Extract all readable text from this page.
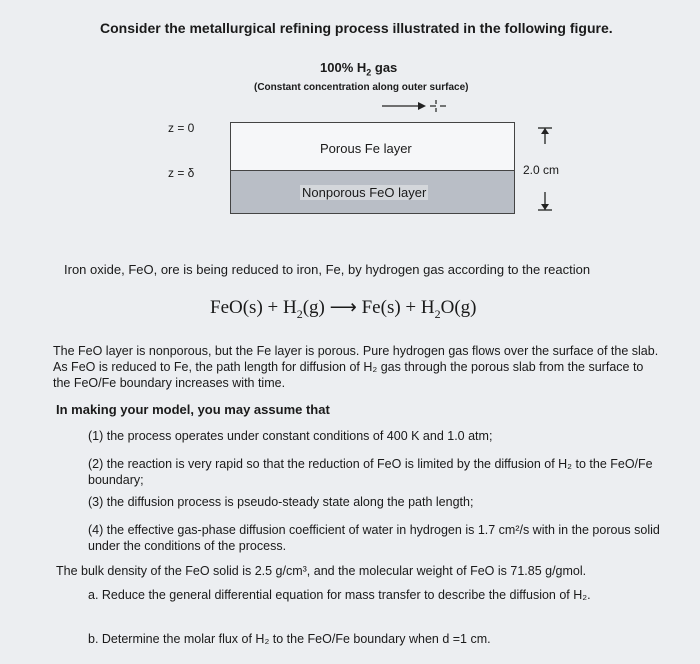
Consider the metallurgical refining process illustrated in the following figure.
100% $H_2$ gas
(Constant concentration along outer surface)
z = 0
z = δ
Porous Fe layer
Nonporous FeO layer
2.0 cm
Iron oxide, FeO, ore is being reduced to iron, Fe, by hydrogen gas according to the reaction
$FeO(s) + H_2(g)$ ⟶ $Fe(s) + H_2O(g)$
The FeO layer is nonporous, but the Fe layer is porous. Pure hydrogen gas flows over the surface of the slab. As FeO is reduced to Fe, the path length for diffusion of H₂ gas through the porous slab from the surface to the FeO/Fe boundary increases with time.
In making your model, you may assume that
(1) the process operates under constant conditions of 400 K and 1.0 atm;
(2) the reaction is very rapid so that the reduction of FeO is limited by the diffusion of H₂ to the FeO/Fe boundary;
(3) the diffusion process is pseudo-steady state along the path length;
(4) the effective gas-phase diffusion coefficient of water in hydrogen is 1.7 cm²/s with in the porous solid under the conditions of the process.
The bulk density of the FeO solid is 2.5 g/cm³, and the molecular weight of FeO is 71.85 g/gmol.
a. Reduce the general differential equation for mass transfer to describe the diffusion of H₂.
b. Determine the molar flux of H₂ to the FeO/Fe boundary when d =1 cm.
